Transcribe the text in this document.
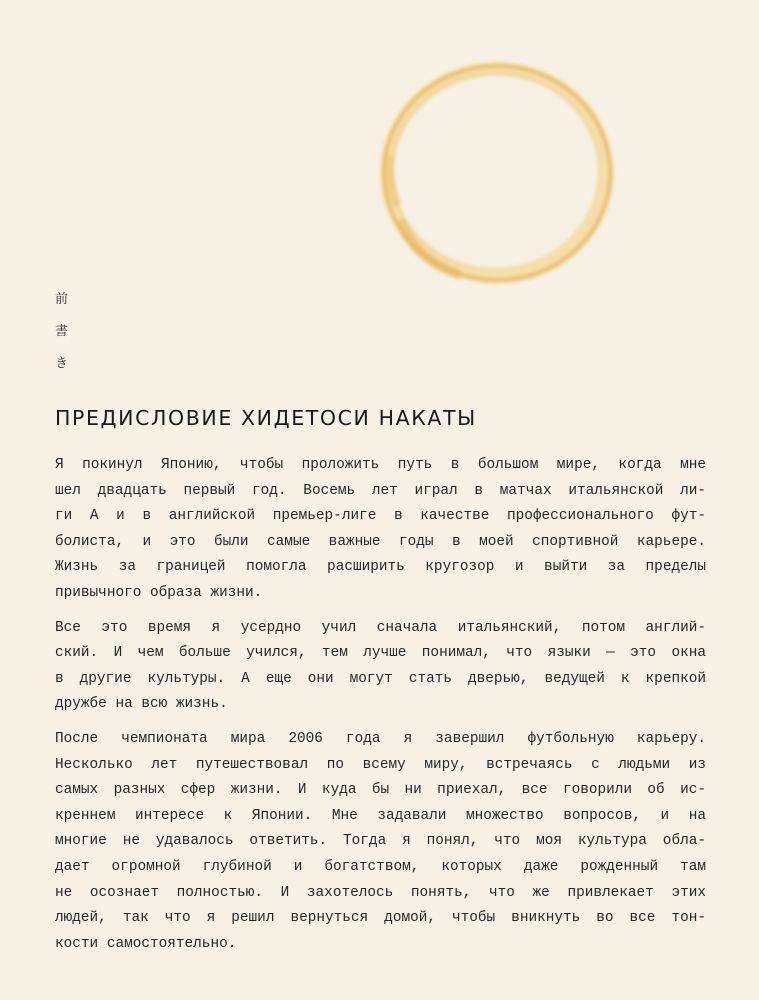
前
書
き
ПРЕДИСЛОВИЕ ХИДЕТОСИ НАКАТЫ

Я покинул Японию, чтобы проложить путь в большом мире, когда мне
шел двадцать первый год. Восемь лет играл в матчах итальянской ли-
ги А и в английской премьер-лиге в качестве профессионального фут-
болиста, и это были самые важные годы в моей спортивной карьере.
Жизнь за границей помогла расширить кругозор и выйти за пределы
привычного образа жизни.

Все это время я усердно учил сначала итальянский, потом англий-
ский. И чем больше учился, тем лучше понимал, что языки — это окна
в другие культуры. А еще они могут стать дверью, ведущей к крепкой
дружбе на всю жизнь.

После чемпионата мира 2006 года я завершил футбольную карьеру.
Несколько лет путешествовал по всему миру, встречаясь с людьми из
самых разных сфер жизни. И куда бы ни приехал, все говорили об ис-
креннем интересе к Японии. Мне задавали множество вопросов, и на
многие не удавалось ответить. Тогда я понял, что моя культура обла-
дает огромной глубиной и богатством, которых даже рожденный там
не осознает полностью. И захотелось понять, что же привлекает этих
людей, так что я решил вернуться домой, чтобы вникнуть во все тон-
кости самостоятельно.
